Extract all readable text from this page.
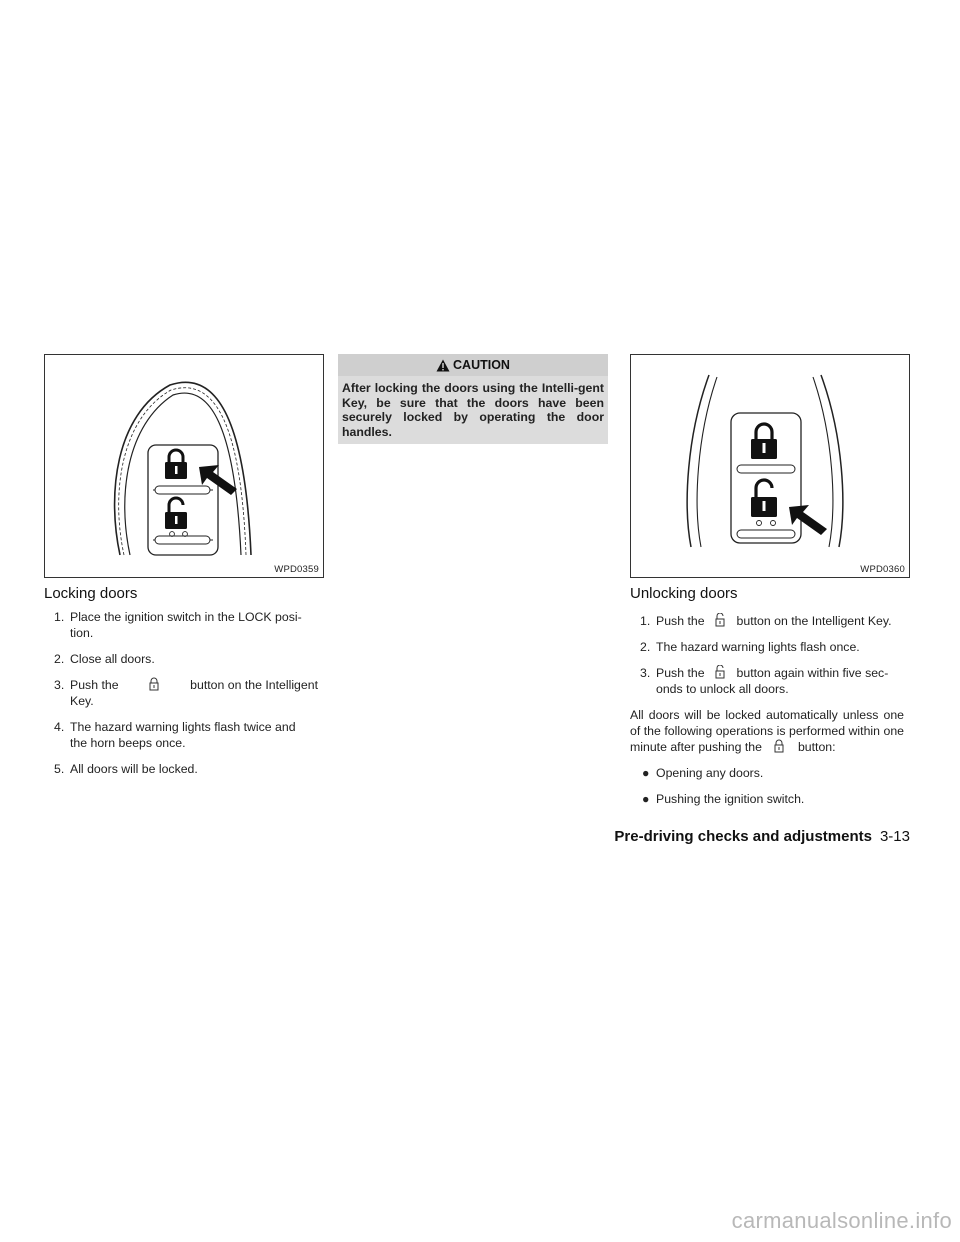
WPD0359	WPD0360
Locking doors
1. Place the ignition switch in the LOCK posi-
tion.
2. Close all doors.
3. Push the	button on the Intelligent
Key.
4. The hazard warning lights flash twice and
the horn beeps once.
5. All doors will be locked.
CAUTION
After locking the doors using the Intelli-gent Key, be sure that the doors have been securely locked by operating the door handles.
Unlocking doors
1. Push the	button on the Intelligent Key.
2. The hazard warning lights flash once.
3. Push the	button again within five sec-
onds to unlock all doors.

All doors will be locked automatically unless one of the following operations is performed within one minute after pushing the	button:

● Opening any doors.
● Pushing the ignition switch.
Pre-driving checks and adjustments 3-13
carmanualsonline.info
